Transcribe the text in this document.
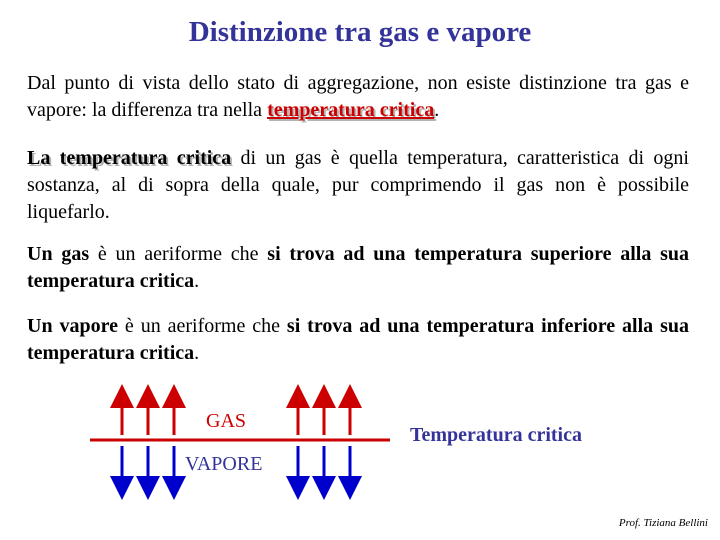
Distinzione tra gas e vapore
Dal punto di vista dello stato di aggregazione, non esiste distinzione tra gas e vapore: la differenza tra nella temperatura critica.
La temperatura critica di un gas è quella temperatura, caratteristica di ogni sostanza, al di sopra della quale, pur comprimendo il gas non è possibile liquefarlo.
Un gas è un aeriforme che si trova ad una temperatura superiore alla sua temperatura critica.
Un vapore è un aeriforme che si trova ad una temperatura inferiore alla sua temperatura critica.
GAS
VAPORE
Temperatura critica
Prof. Tiziana Bellini
